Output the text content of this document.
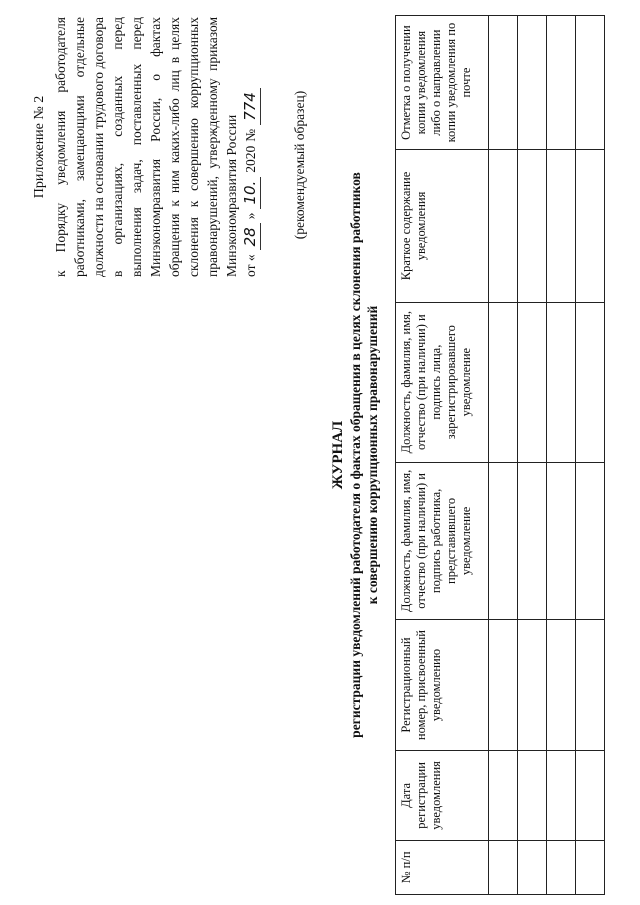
Приложение № 2 к Порядку уведомления работодателя работниками, замещающими отдельные должности на основании трудового договора в организациях, созданных перед выполнения задач, поставленных перед Минэкономразвития России, о фактах обращения к ним каких-либо лиц в целях склонения к совершению коррупционных правонарушений, утвержденному приказом Минэкономразвития России от «
28
»
10.
2020
№
774 (рекомендуемый образец)
ЖУРНАЛ регистрации уведомлений работодателя о фактах обращения в целях склонения работников к совершению коррупционных правонарушений
№ п/п	Дата регистрации уведомления	Регистрационный номер, присвоенный уведомлению	Должность, фамилия, имя, отчество (при наличии) и подпись работника, представившего уведомление	Должность, фамилия, имя, отчество (при наличии) и подпись лица, зарегистрировавшего уведомление	Краткое содержание уведомления	Отметка о получении копии уведомления либо о направлении копии уведомления по почте
